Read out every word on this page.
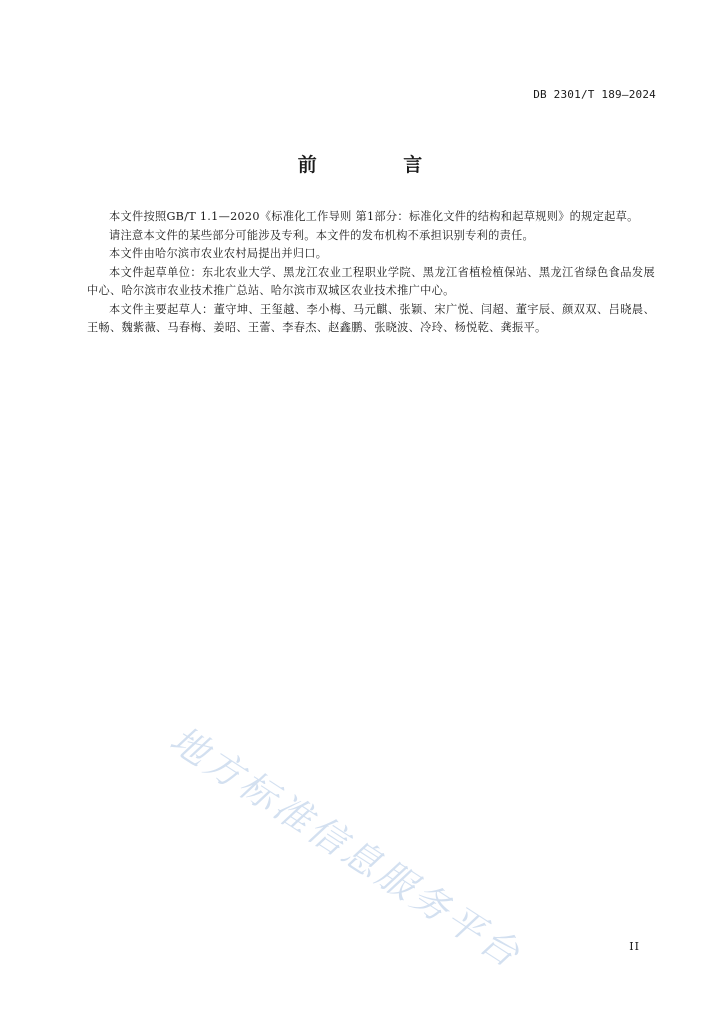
DB 2301/T 189—2024
前 言

本文件按照GB/T 1.1—2020《标准化工作导则 第1部分：标准化文件的结构和起草规则》的规定起草。

请注意本文件的某些部分可能涉及专利。本文件的发布机构不承担识别专利的责任。

本文件由哈尔滨市农业农村局提出并归口。

本文件起草单位：东北农业大学、黑龙江农业工程职业学院、黑龙江省植检植保站、黑龙江省绿色食品发展中心、哈尔滨市农业技术推广总站、哈尔滨市双城区农业技术推广中心。

本文件主要起草人：董守坤、王玺越、李小梅、马元麒、张颖、宋广悦、闫超、董宇辰、颜双双、吕晓晨、王畅、魏紫薇、马春梅、姜昭、王蕾、李春杰、赵鑫鹏、张晓波、冷玲、杨悦乾、龚振平。

地方标准信息服务平台	II
